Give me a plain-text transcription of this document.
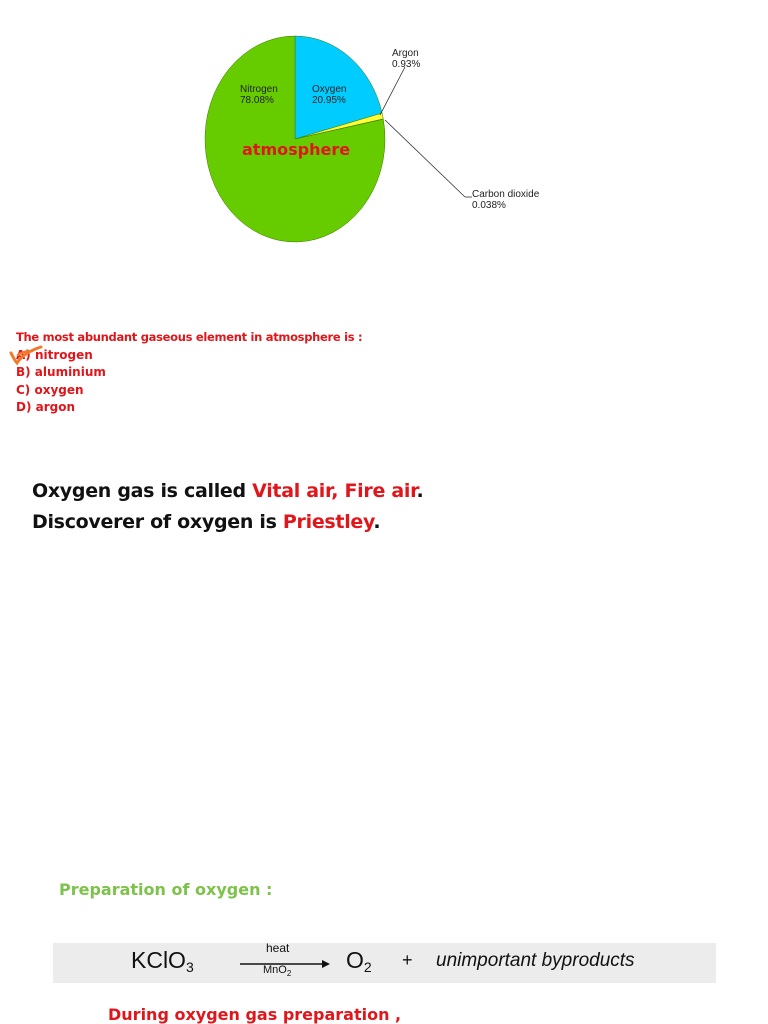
Nitrogen
78.08%
Oxygen
20.95%
Argon
0.93%
Carbon dioxide
0.038%
atmosphere
The most abundant gaseous element in atmosphere is :
A) nitrogen
B) aluminium
C) oxygen
D) argon
Oxygen gas is called Vital air, Fire air.
Discoverer of oxygen is Priestley.
Preparation of oxygen :
KClO$_3$
heat
MnO$_2$
$O_2$ + unimportant byproducts
During oxygen gas preparation ,
